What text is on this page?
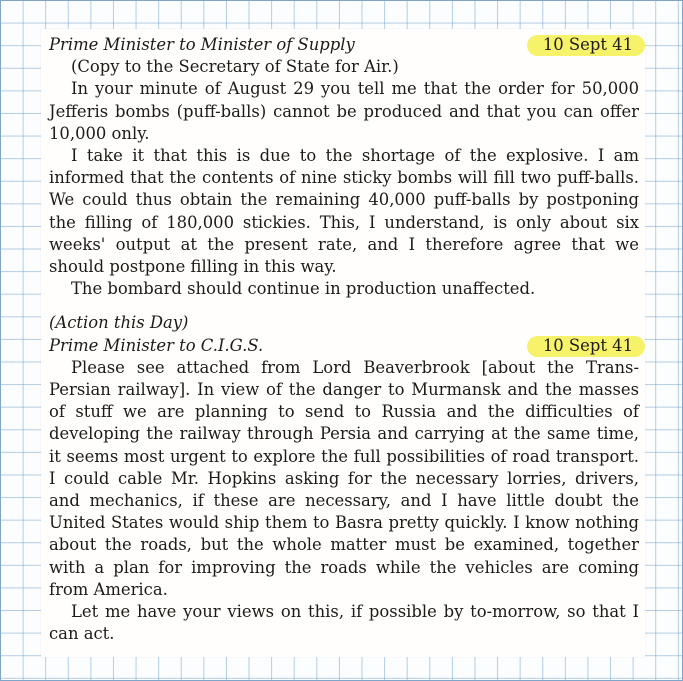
Prime Minister to Minister of Supply	10 Sept 41
(Copy to the Secretary of State for Air.)

In your minute of August 29 you tell me that the order for 50,000 Jefferis bombs (puff-balls) cannot be produced and that you can offer 10,000 only.

I take it that this is due to the shortage of the explosive. I am informed that the contents of nine sticky bombs will fill two puff-balls. We could thus obtain the remaining 40,000 puff-balls by postponing the filling of 180,000 stickies. This, I understand, is only about six weeks' output at the present rate, and I therefore agree that we should postpone filling in this way.

The bombard should continue in production unaffected.

(Action this Day)
Prime Minister to C.I.G.S.	10 Sept 41

Please see attached from Lord Beaverbrook [about the Trans-Persian railway]. In view of the danger to Murmansk and the masses of stuff we are planning to send to Russia and the difficulties of developing the railway through Persia and carrying at the same time, it seems most urgent to explore the full possibilities of road transport. I could cable Mr. Hopkins asking for the necessary lorries, drivers, and mechanics, if these are necessary, and I have little doubt the United States would ship them to Basra pretty quickly. I know nothing about the roads, but the whole matter must be examined, together with a plan for improving the roads while the vehicles are coming from America.

Let me have your views on this, if possible by to-morrow, so that I can act.
